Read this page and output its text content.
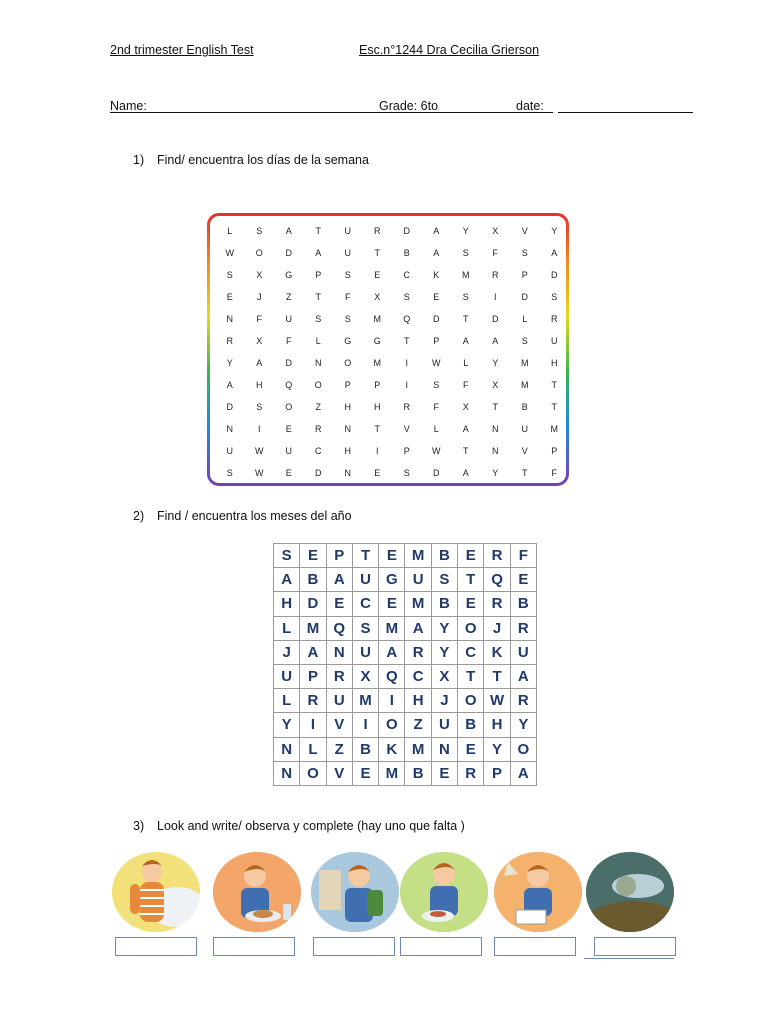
2nd trimester English Test	Esc.n°1244 Dra Cecilia Grierson
Name:	Grade: 6to	date:
1) Find/ encuentra los días de la semana
L	S	A	T	U	R	D	A	Y	X	V	Y
W	O	D	A	U	T	B	A	S	F	S	A
S	X	G	P	S	E	C	K	M	R	P	D
E	J	Z	T	F	X	S	E	S	I	D	S
N	F	U	S	S	M	Q	D	T	D	L	R
R	X	F	L	G	G	T	P	A	A	S	U
Y	A	D	N	O	M	I	W	L	Y	M	H
A	H	Q	O	P	P	I	S	F	X	M	T
D	S	O	Z	H	H	R	F	X	T	B	T
N	I	E	R	N	T	V	L	A	N	U	M
U	W	U	C	H	I	P	W	T	N	V	P
S	W	E	D	N	E	S	D	A	Y	T	F
2) Find / encuentra los meses del año
S	E	P	T	E	M	B	E	R	F
A	B	A	U	G	U	S	T	Q	E
H	D	E	C	E	M	B	E	R	B
L	M	Q	S	M	A	Y	O	J	R
J	A	N	U	A	R	Y	C	K	U
U	P	R	X	Q	C	X	T	T	A
L	R	U	M	I	H	J	O	W	R
Y	I	V	I	O	Z	U	B	H	Y
N	L	Z	B	K	M	N	E	Y	O
N	O	V	E	M	B	E	R	P	A
3) Look and write/ observa y complete (hay uno que falta )
